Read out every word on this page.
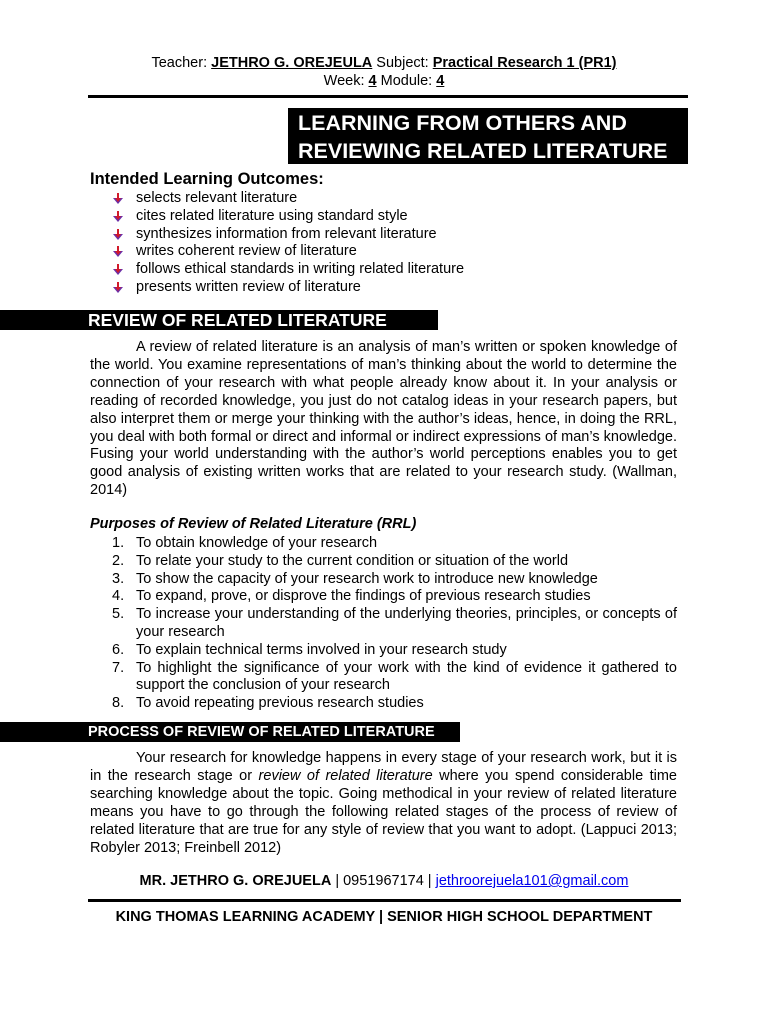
Teacher: JETHRO G. OREJEULA Subject: Practical Research 1 (PR1)
Week: 4 Module: 4
LEARNING FROM OTHERS AND
REVIEWING RELATED LITERATURE
Intended Learning Outcomes:
selects relevant literature
cites related literature using standard style
synthesizes information from relevant literature
writes coherent review of literature
follows ethical standards in writing related literature
presents written review of literature
REVIEW OF RELATED LITERATURE

A review of related literature is an analysis of man’s written or spoken knowledge of the world. You examine representations of man’s thinking about the world to determine the connection of your research with what people already know about it. In your analysis or reading of recorded knowledge, you just do not catalog ideas in your research papers, but also interpret them or merge your thinking with the author’s ideas, hence, in doing the RRL, you deal with both formal or direct and informal or indirect expressions of man’s knowledge. Fusing your world understanding with the author’s world perceptions enables you to get good analysis of existing written works that are related to your research study. (Wallman, 2014)

Purposes of Review of Related Literature (RRL)
1. To obtain knowledge of your research
2. To relate your study to the current condition or situation of the world
3. To show the capacity of your research work to introduce new knowledge
4. To expand, prove, or disprove the findings of previous research studies
5. To increase your understanding of the underlying theories, principles, or concepts of your research
6. To explain technical terms involved in your research study
7. To highlight the significance of your work with the kind of evidence it gathered to support the conclusion of your research
8. To avoid repeating previous research studies
PROCESS OF REVIEW OF RELATED LITERATURE

Your research for knowledge happens in every stage of your research work, but it is in the research stage or review of related literature where you spend considerable time searching knowledge about the topic. Going methodical in your review of related literature means you have to go through the following related stages of the process of review of related literature that are true for any style of review that you want to adopt. (Lappuci 2013; Robyler 2013; Freinbell 2012)

MR. JETHRO G. OREJUELA | 0951967174 | jethroorejuela101@gmail.com
KING THOMAS LEARNING ACADEMY | SENIOR HIGH SCHOOL DEPARTMENT
